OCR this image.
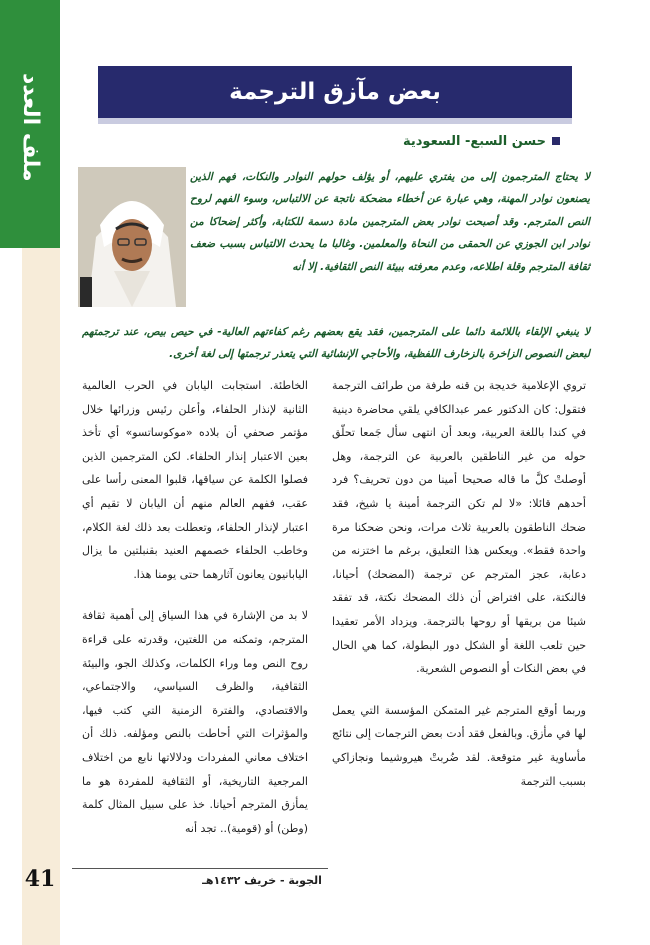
ملف العدد
41
بعض مآزق الترجمة
حسن السبع- السعودية
لا يحتاج المترجمون إلى من يفتري عليهم، أو يؤلف حولهم النوادر والنكات، فهم الذين يصنعون نوادر المهنة، وهي عبارة عن أخطاء مضحكة ناتجة عن الالتباس، وسوء الفهم لروح النص المترجم. وقد أصبحت نوادر بعض المترجمين مادة دسمة للكتابة، وأكثر إضحاكا من نوادر ابن الجوزي عن الحمقى من النحاة والمعلمين. وغالبا ما يحدث الالتباس بسبب ضعف ثقافة المترجم وقلة اطلاعه، وعدم معرفته ببيئة النص الثقافية. إلا أنه
لا ينبغي الإلقاء باللائمة دائما على المترجمين، فقد يقع بعضهم رغم كفاءتهم العالية- في حيص بيص، عند ترجمتهم لبعض النصوص الزاخرة بالزخارف اللفظية، والأحاجي الإنشائية التي يتعذر ترجمتها إلى لغة أخرى.

تروي الإعلامية خديجة بن قنه طرفة من طرائف الترجمة فتقول: كان الدكتور عمر عبدالكافي يلقي محاضرة دينية في كندا باللغة العربية، وبعد أن انتهى سأل جَمعا تحلّق حوله من غير الناطقين بالعربية عن الترجمة، وهل أوصلتْ كلَّ ما قاله صحيحا أمينا من دون تحريف؟ فرد أحدهم قائلا: «لا لم تكن الترجمة أمينة يا شيخ، فقد ضحك الناطقون بالعربية ثلاث مرات، ونحن ضحكنا مرة واحدة فقط». ويعكس هذا التعليق، برغم ما اختزنه من دعابة، عجز المترجم عن ترجمة (المضحك) أحيانا، فالنكتة، على افتراض أن ذلك المضحك نكتة، قد تفقد شيئا من بريقها أو روحها بالترجمة. ويزداد الأمر تعقيدا حين تلعب اللغة أو الشكل دور البطولة، كما هي الحال في بعض النكات أو النصوص الشعرية.

وربما أوقع المترجم غير المتمكن المؤسسة التي يعمل لها في مأزق. وبالفعل فقد أدت بعض الترجمات إلى نتائج مأساوية غير متوقعة. لقد ضُربتْ هيروشيما ونجازاكي بسبب الترجمة

الخاطئة. استجابت اليابان في الحرب العالمية الثانية لإنذار الحلفاء، وأعلن رئيس وزرائها خلال مؤتمر صحفي أن بلاده «موكوساتسو» أي تأخذ بعين الاعتبار إنذار الحلفاء. لكن المترجمين الذين فصلوا الكلمة عن سياقها، قلبوا المعنى رأسا على عقب، ففهم العالم منهم أن اليابان لا تقيم أي اعتبار لإنذار الحلفاء، وتعطلت بعد ذلك لغة الكلام، وخاطب الحلفاء خصمهم العنيد بقنبلتين ما يزال اليابانيون يعانون آثارهما حتى يومنا هذا.

لا بد من الإشارة في هذا السياق إلى أهمية ثقافة المترجم، وتمكنه من اللغتين، وقدرته على قراءة روح النص وما وراء الكلمات، وكذلك الجو، والبيئة الثقافية، والظرف السياسي، والاجتماعي، والاقتصادي، والفترة الزمنية التي كتب فيها، والمؤثرات التي أحاطت بالنص ومؤلفه. ذلك أن اختلاف معاني المفردات ودلالاتها نابع من اختلاف المرجعية التاريخية، أو الثقافية للمفردة هو ما يمأزق المترجم أحيانا. خذ على سبيل المثال كلمة (وطن) أو (قومية).. تجد أنه

الجوبة - خريف ١٤٣٢هـ
